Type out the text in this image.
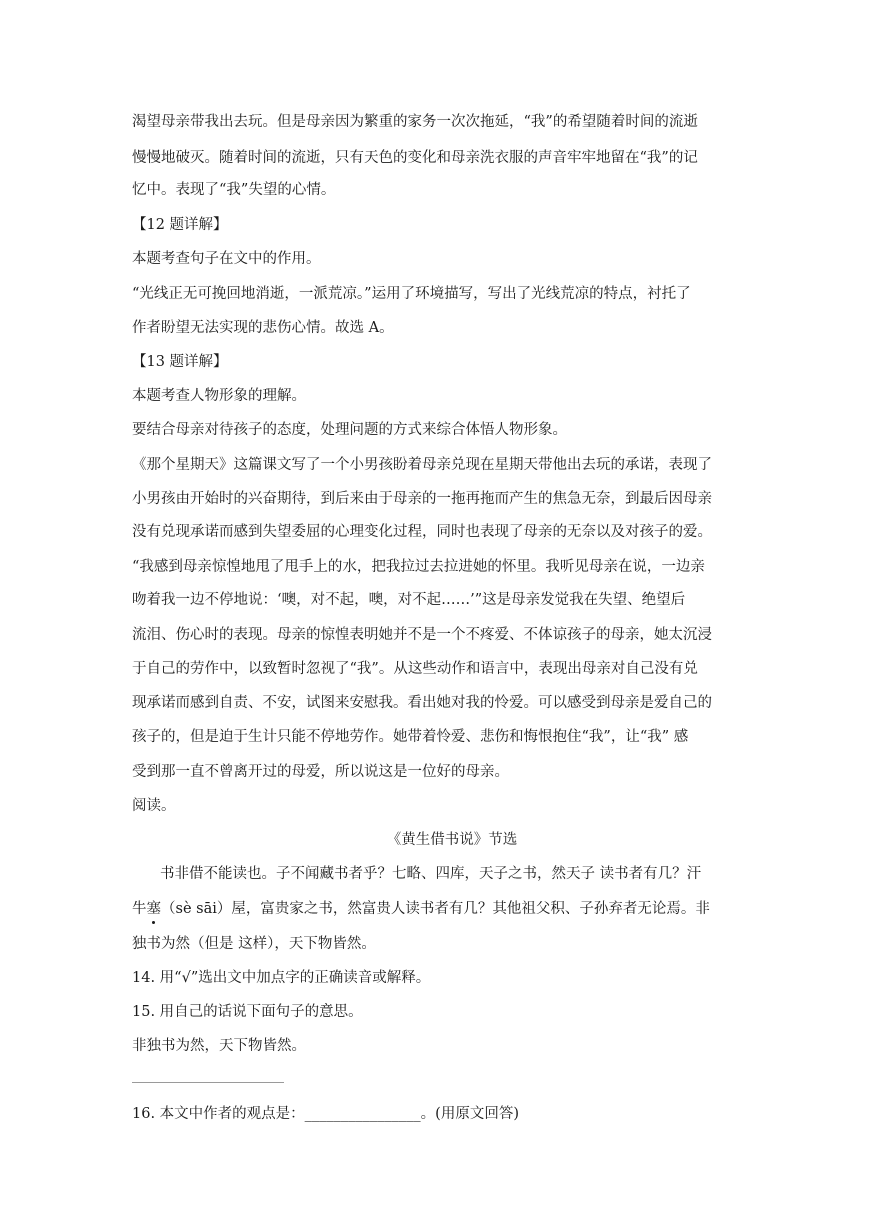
渴望母亲带我出去玩。但是母亲因为繁重的家务一次次拖延，“我”的希望随着时间的流逝
慢慢地破灭。随着时间的流逝，只有天色的变化和母亲洗衣服的声音牢牢地留在“我”的记
忆中。表现了“我”失望的心情。
【12 题详解】
本题考查句子在文中的作用。
“光线正无可挽回地消逝，一派荒凉。”运用了环境描写，写出了光线荒凉的特点，衬托了
作者盼望无法实现的悲伤心情。故选 A。
【13 题详解】
本题考查人物形象的理解。
要结合母亲对待孩子的态度，处理问题的方式来综合体悟人物形象。
《那个星期天》这篇课文写了一个小男孩盼着母亲兑现在星期天带他出去玩的承诺，表现了
小男孩由开始时的兴奋期待，到后来由于母亲的一拖再拖而产生的焦急无奈，到最后因母亲
没有兑现承诺而感到失望委屈的心理变化过程，同时也表现了母亲的无奈以及对孩子的爱。
“我感到母亲惊惶地甩了甩手上的水，把我拉过去拉进她的怀里。我听见母亲在说，一边亲
吻着我一边不停地说：‘噢，对不起，噢，对不起……’”这是母亲发觉我在失望、绝望后
流泪、伤心时的表现。母亲的惊惶表明她并不是一个不疼爱、不体谅孩子的母亲，她太沉浸
于自己的劳作中，以致暂时忽视了“我”。从这些动作和语言中，表现出母亲对自己没有兑
现承诺而感到自责、不安，试图来安慰我。看出她对我的怜爱。可以感受到母亲是爱自己的
孩子的，但是迫于生计只能不停地劳作。她带着怜爱、悲伤和悔恨抱住“我”，让“我” 感
受到那一直不曾离开过的母爱，所以说这是一位好的母亲。
阅读。
《黄生借书说》节选
书非借不能读也。子不闻藏书者乎？七略、四库，天子之书，然天子 读书者有几？汗
牛塞（sè sāi）屋，富贵家之书，然富贵人读书者有几？其他祖父积、子孙弃者无论焉。非
独书为然（但是 这样），天下物皆然。
14. 用“√”选出文中加点字的正确读音或解释。
15. 用自己的话说下面句子的意思。
非独书为然，天下物皆然。
16. 本文中作者的观点是：________________。(用原文回答)
